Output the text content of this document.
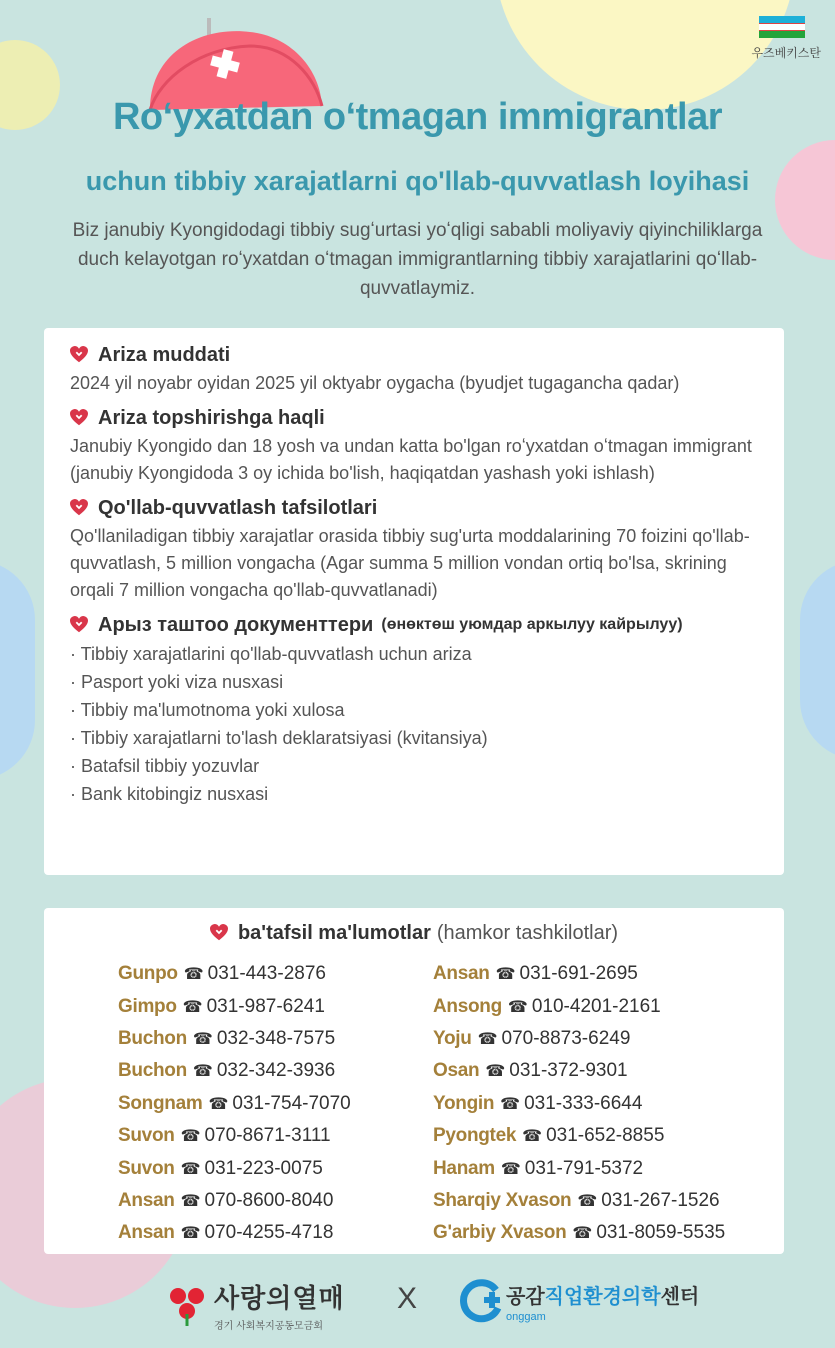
우즈베키스탄
Roʻyxatdan oʻtmagan immigrantlar
uchun tibbiy xarajatlarni qo'llab-quvvatlash loyihasi
Biz janubiy Kyongidodagi tibbiy sugʻurtasi yoʻqligi sababli moliyaviy qiyinchiliklarga duch kelayotgan roʻyxatdan oʻtmagan immigrantlarning tibbiy xarajatlarini qoʻllab-quvvatlaymiz.
Ariza muddati
2024 yil noyabr oyidan 2025 yil oktyabr oygacha (byudjet tugagancha qadar)
Ariza topshirishga haqli
Janubiy Kyongido dan 18 yosh va undan katta bo'lgan roʻyxatdan oʻtmagan immigrant (janubiy Kyongidoda 3 oy ichida bo'lish, haqiqatdan yashash yoki ishlash)
Qo'llab-quvvatlash tafsilotlari
Qo'llaniladigan tibbiy xarajatlar orasida tibbiy sug'urta moddalarining 70 foizini qo'llab-quvvatlash, 5 million vongacha (Agar summa 5 million vondan ortiq bo'lsa, skrining orqali 7 million vongacha qo'llab-quvvatlanadi)
Арыз таштоо документтери (өнөктөш уюмдар аркылуу кайрылуу)
· Tibbiy xarajatlarini qo'llab-quvvatlash uchun ariza
· Pasport yoki viza nusxasi
· Tibbiy ma'lumotnoma yoki xulosa
· Tibbiy xarajatlarni to'lash deklaratsiyasi (kvitansiya)
· Batafsil tibbiy yozuvlar
· Bank kitobingiz nusxasi
ba'tafsil ma'lumotlar (hamkor tashkilotlar)
Gunpo ☎ 031-443-2876
Gimpo ☎ 031-987-6241
Buchon ☎ 032-348-7575
Buchon ☎ 032-342-3936
Songnam ☎ 031-754-7070
Suvon ☎ 070-8671-3111
Suvon ☎ 031-223-0075
Ansan ☎ 070-8600-8040
Ansan ☎ 070-4255-4718
Ansan ☎ 031-691-2695
Ansong ☎ 010-4201-2161
Yoju ☎ 070-8873-6249
Osan ☎ 031-372-9301
Yongin ☎ 031-333-6644
Pyongtek ☎ 031-652-8855
Hanam ☎ 031-791-5372
Sharqiy Xvason ☎ 031-267-1526
G'arbiy Xvason ☎ 031-8059-5535
사랑의열매
경기 사회복지공동모금회
X	공감직업환경의학센터
onggam
